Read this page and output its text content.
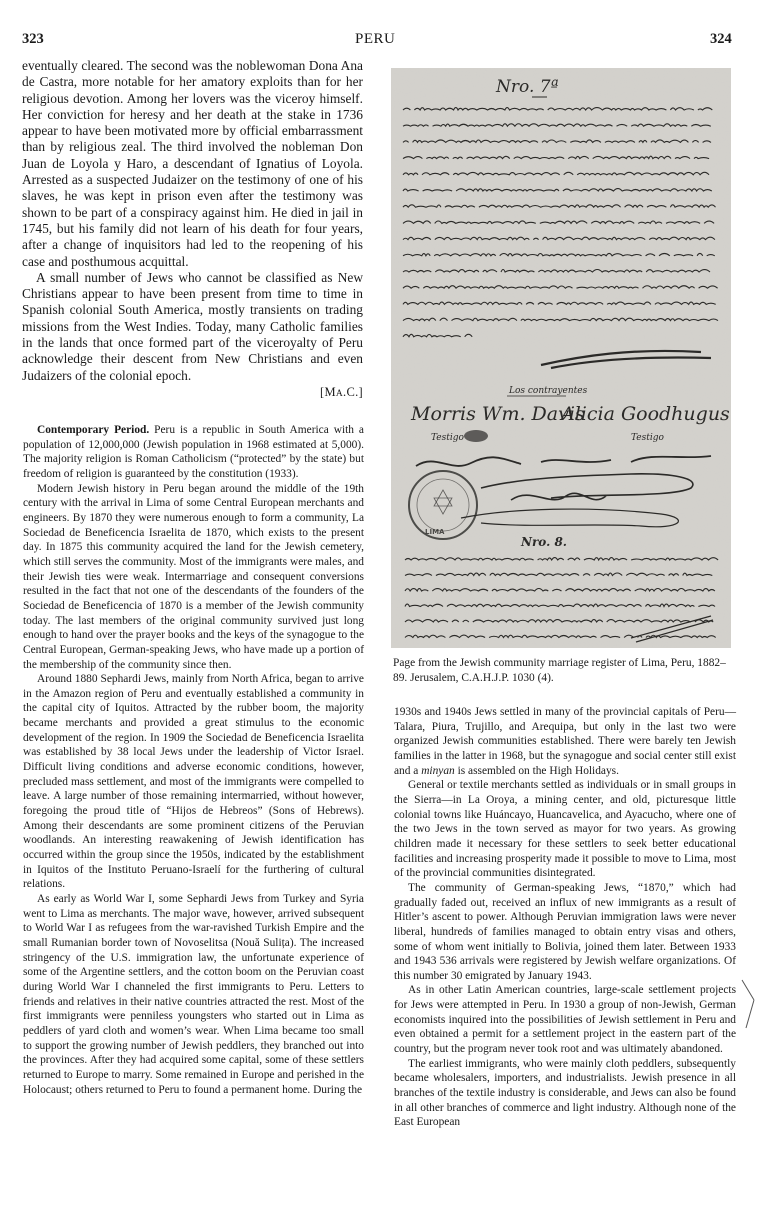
323	PERU	324

eventually cleared. The second was the noblewoman Dona Ana de Castra, more notable for her amatory exploits than for her religious devotion. Among her lovers was the viceroy himself. Her conviction for heresy and her death at the stake in 1736 appear to have been motivated more by official embarrassment than by religious zeal. The third involved the nobleman Don Juan de Loyola y Haro, a descendant of Ignatius of Loyola. Arrested as a suspected Judaizer on the testimony of one of his slaves, he was kept in prison even after the testimony was shown to be part of a conspiracy against him. He died in jail in 1745, but his family did not learn of his death for four years, after a change of inquisitors had led to the reopening of his case and posthumous acquittal.

A small number of Jews who cannot be classified as New Christians appear to have been present from time to time in Spanish colonial South America, mostly transients on trading missions from the West Indies. Today, many Catholic families in the lands that once formed part of the viceroyalty of Peru acknowledge their descent from New Christians and even Judaizers of the colonial epoch.

[MA.C.]

Contemporary Period. Peru is a republic in South America with a population of 12,000,000 (Jewish population in 1968 estimated at 5,000). The majority religion is Roman Catholicism (“protected” by the state) but freedom of religion is guaranteed by the constitution (1933).

Modern Jewish history in Peru began around the middle of the 19th century with the arrival in Lima of some Central European merchants and engineers. By 1870 they were numerous enough to form a community, La Sociedad de Beneficencia Israelita de 1870, which exists to the present day. In 1875 this community acquired the land for the Jewish cemetery, which still serves the community. Most of the immigrants were males, and their Jewish ties were weak. Intermarriage and consequent conversions resulted in the fact that not one of the descendants of the founders of the Sociedad de Beneficencia of 1870 is a member of the Jewish community today. The last members of the original community survived just long enough to hand over the prayer books and the keys of the synagogue to the Central European, German-speaking Jews, who have made up a portion of the membership of the community since then.

Around 1880 Sephardi Jews, mainly from North Africa, began to arrive in the Amazon region of Peru and eventually established a community in the capital city of Iquitos. Attracted by the rubber boom, the majority became merchants and provided a great stimulus to the economic development of the region. In 1909 the Sociedad de Beneficencia Israelita was established by 38 local Jews under the leadership of Victor Israel. Difficult living conditions and adverse economic conditions, however, precluded mass settlement, and most of the immigrants were compelled to leave. A large number of those remaining intermarried, without however, foregoing the proud title of “Hijos de Hebreos” (Sons of Hebrews). Among their descendants are some prominent citizens of the Peruvian woodlands. An interesting reawakening of Jewish identification has occurred within the group since the 1950s, indicated by the establishment in Iquitos of the Instituto Peruano-Israelí for the furthering of cultural relations.

As early as World War I, some Sephardi Jews from Turkey and Syria went to Lima as merchants. The major wave, however, arrived subsequent to World War I as refugees from the war-ravished Turkish Empire and the small Rumanian border town of Novoselitsa (Nouă Sulița). The increased stringency of the U.S. immigration law, the unfortunate experience of some of the Argentine settlers, and the cotton boom on the Peruvian coast during World War I channeled the first immigrants to Peru. Letters to friends and relatives in their native countries attracted the rest. Most of the first immigrants were penniless youngsters who started out in Lima as peddlers of yard cloth and women’s wear. When Lima became too small to support the growing number of Jewish peddlers, they branched out into the provinces. After they had acquired some capital, some of these settlers returned to Europe to marry. Some remained in Europe and perished in the Holocaust; others returned to Peru to found a permanent home. During the

Nro. 7ª
Los contrayentes
Morris Wm. Davis
Alicia Goodhugus
Testigo	Testigo
LIMA
Nro. 8.
Page from the Jewish community marriage register of Lima, Peru, 1882–89. Jerusalem, C.A.H.J.P. 1030 (4).

1930s and 1940s Jews settled in many of the provincial capitals of Peru—Talara, Piura, Trujillo, and Arequipa, but only in the last two were organized Jewish communities established. There were barely ten Jewish families in the latter in 1968, but the synagogue and social center still exist and a minyan is assembled on the High Holidays.

General or textile merchants settled as individuals or in small groups in the Sierra—in La Oroya, a mining center, and old, picturesque little colonial towns like Huáncayo, Huancavelica, and Ayacucho, where one of the two Jews in the town served as mayor for two years. As growing children made it necessary for these settlers to seek better educational facilities and increasing prosperity made it possible to move to Lima, most of the provincial communities disintegrated.

The community of German-speaking Jews, “1870,” which had gradually faded out, received an influx of new immigrants as a result of Hitler’s ascent to power. Although Peruvian immigration laws were never liberal, hundreds of families managed to obtain entry visas and others, some of whom went initially to Bolivia, joined them later. Between 1933 and 1943 536 arrivals were registered by Jewish welfare organizations. Of this number 30 emigrated by January 1943.

As in other Latin American countries, large-scale settlement projects for Jews were attempted in Peru. In 1930 a group of non-Jewish, German economists inquired into the possibilities of Jewish settlement in Peru and even obtained a permit for a settlement project in the eastern part of the country, but the program never took root and was ultimately abandoned.

The earliest immigrants, who were mainly cloth peddlers, subsequently became wholesalers, importers, and industrialists. Jewish presence in all branches of the textile industry is considerable, and Jews can also be found in all other branches of commerce and light industry. Although none of the East European
